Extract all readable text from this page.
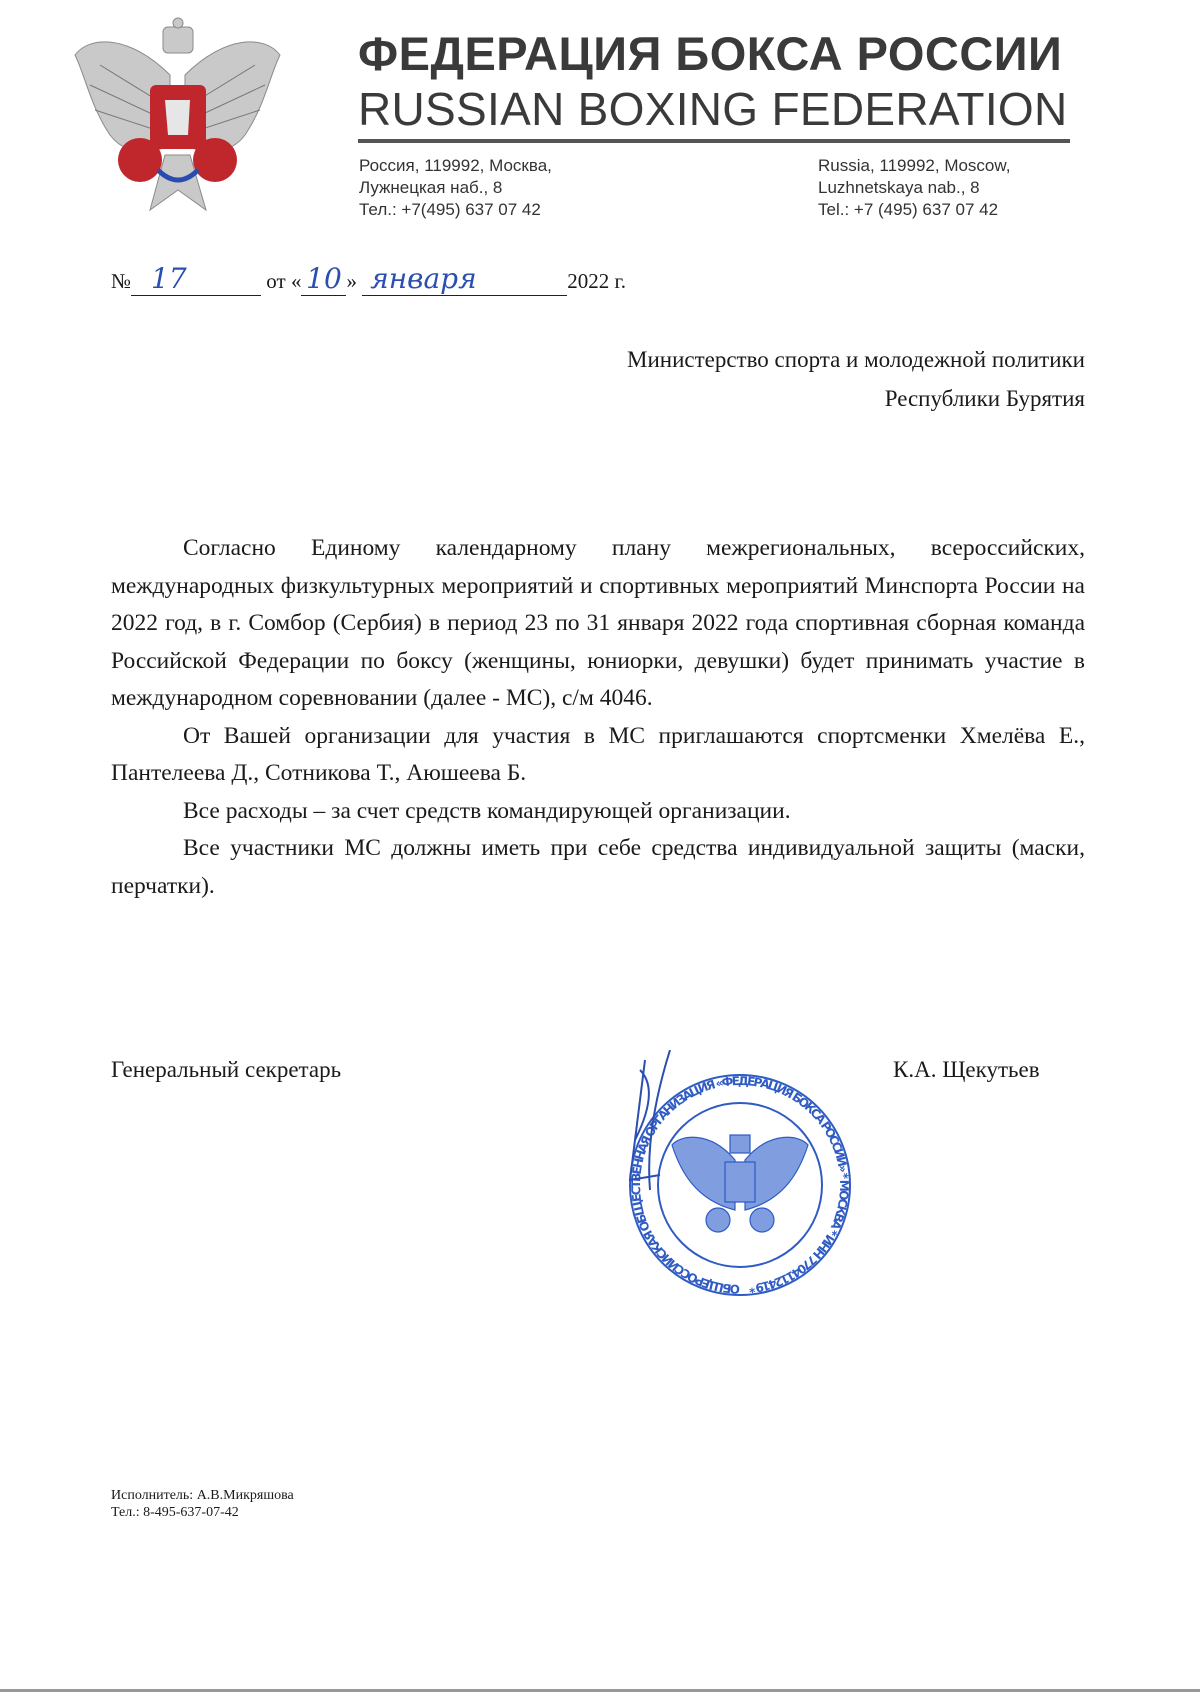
ФЕДЕРАЦИЯ БОКСА РОССИИ
RUSSIAN BOXING FEDERATION
Россия, 119992, Москва,
Лужнецкая наб., 8
Тел.: +7(495) 637 07 42
Russia, 119992, Moscow,
Luzhnetskaya nab., 8
Tel.: +7 (495) 637 07 42
№ 17	от « 10 » января	2022 г.
Министерство спорта и молодежной политики
Республики Бурятия

Согласно Единому календарному плану межрегиональных, всероссийских, международных физкультурных мероприятий и спортивных мероприятий Минспорта России на 2022 год, в г. Сомбор (Сербия) в период 23 по 31 января 2022 года спортивная сборная команда Российской Федерации по боксу (женщины, юниорки, девушки) будет принимать участие в международном соревновании (далее - МС), с/м 4046.

От Вашей организации для участия в МС приглашаются спортсменки Хмелёва Е., Пантелеева Д., Сотникова Т., Аюшеева Б.

Все расходы – за счет средств командирующей организации.

Все участники МС должны иметь при себе средства индивидуальной защиты (маски, перчатки).

Генеральный секретарь	К.А. Щекутьев
ОБЩЕРОССИЙСКАЯ ОБЩЕСТВЕННАЯ ОРГАНИЗАЦИЯ «ФЕДЕРАЦИЯ БОКСА РОССИИ» * МОСКВА * ИНН 7704112419 *
Исполнитель: А.В.Микряшова
Тел.: 8-495-637-07-42
